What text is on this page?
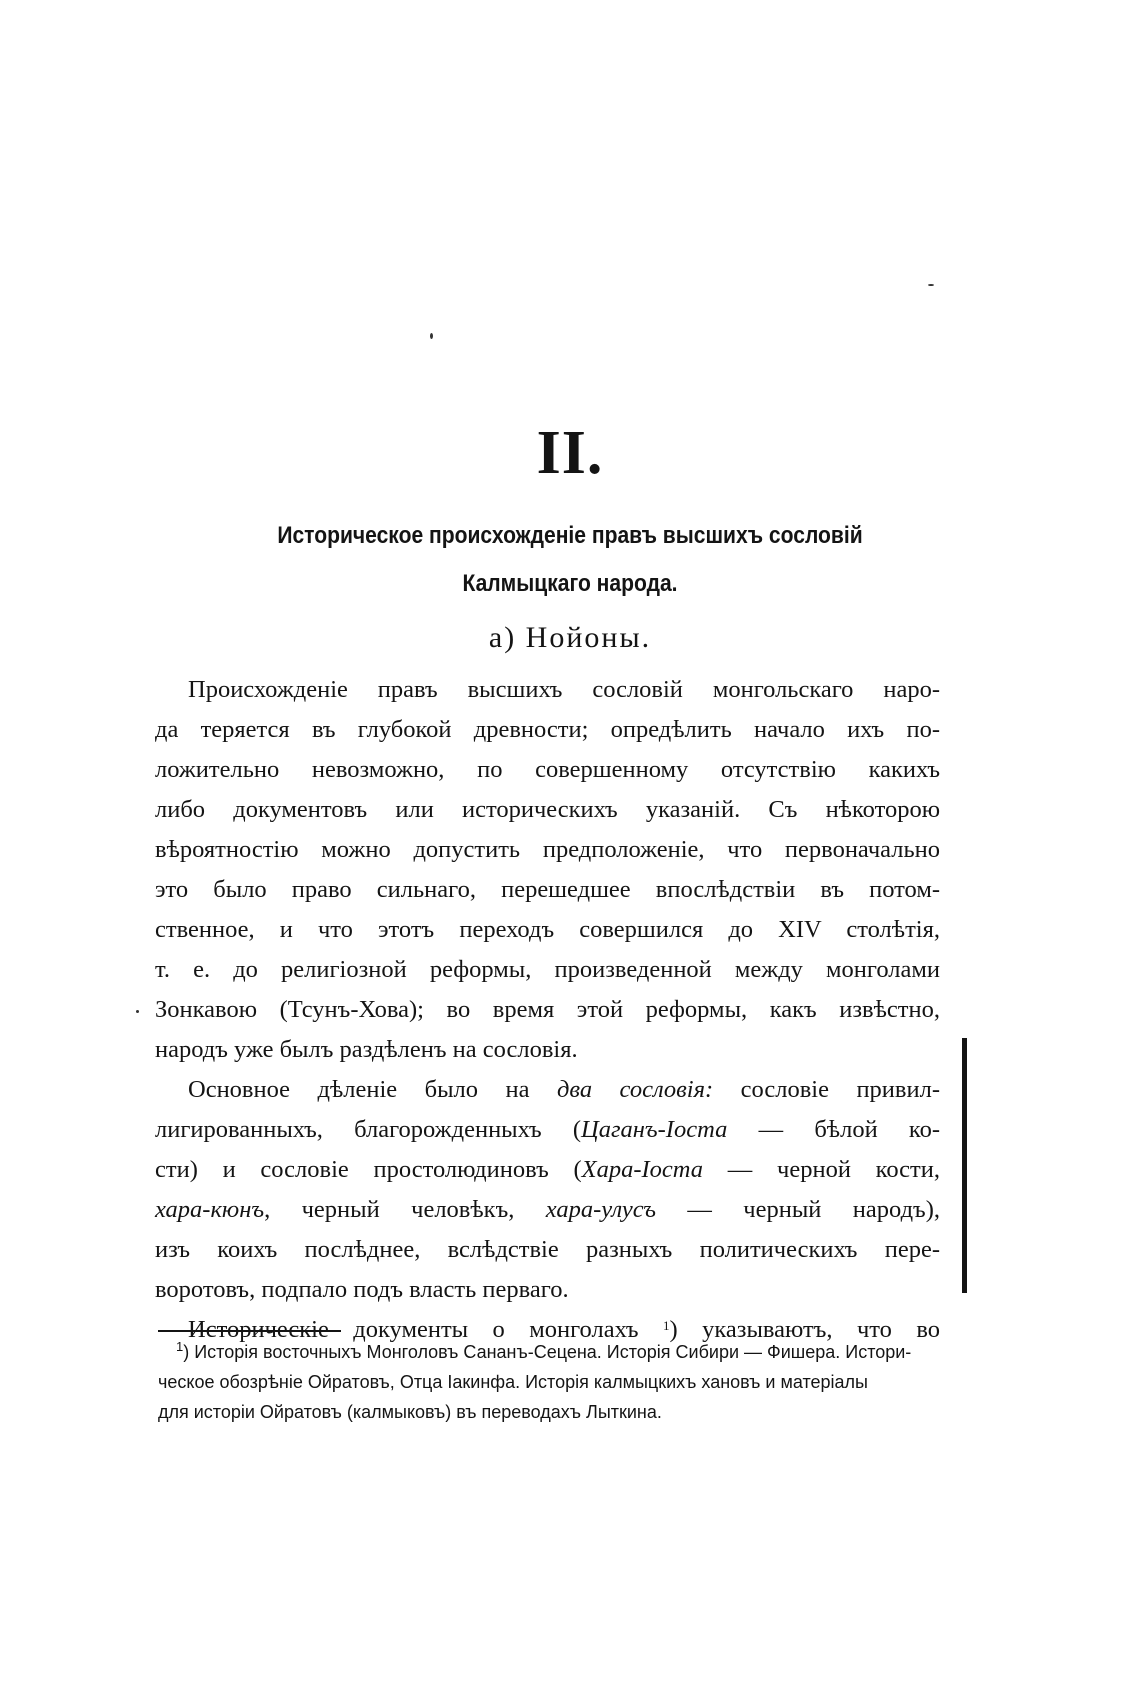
II.
Историческое происхожденіе правъ высшихъ сословій
Калмыцкаго народа.
а) Нойоны.
Происхожденіе правъ высшихъ сословій монгольскаго наро-
да теряется въ глубокой древности; опредѣлить начало ихъ по-
ложительно невозможно, по совершенному отсутствію какихъ
либо документовъ или историческихъ указаній. Съ нѣкоторою
вѣроятностію можно допустить предположеніе, что первоначально
это было право сильнаго, перешедшее впослѣдствіи въ потом-
ственное, и что этотъ переходъ совершился до XIV столѣтія,
т. е. до религіозной реформы, произведенной между монголами
Зонкавою (Тсунъ-Хова); во время этой реформы, какъ извѣстно,
народъ уже былъ раздѣленъ на сословія.
Основное дѣленіе было на два сословія: сословіе привил-
лигированныхъ, благорожденныхъ (Цаганъ-Іоста — бѣлой ко-
сти) и сословіе простолюдиновъ (Хара-Іоста — черной кости,
хара-кюнъ, черный человѣкъ, хара-улусъ — черный народъ),
изъ коихъ послѣднее, вслѣдствіе разныхъ политическихъ пере-
воротовъ, подпало подъ власть перваго.
Историческіе документы о монголахъ $^1$) указываютъ, что во
$^1$) Исторія восточныхъ Монголовъ Сананъ-Сецена. Исторія Сибири — Фишера. Истори-
ческое обозрѣніе Ойратовъ, Отца Іакинфа. Исторія калмыцкихъ хановъ и матеріалы
для исторіи Ойратовъ (калмыковъ) въ переводахъ Лыткина.
